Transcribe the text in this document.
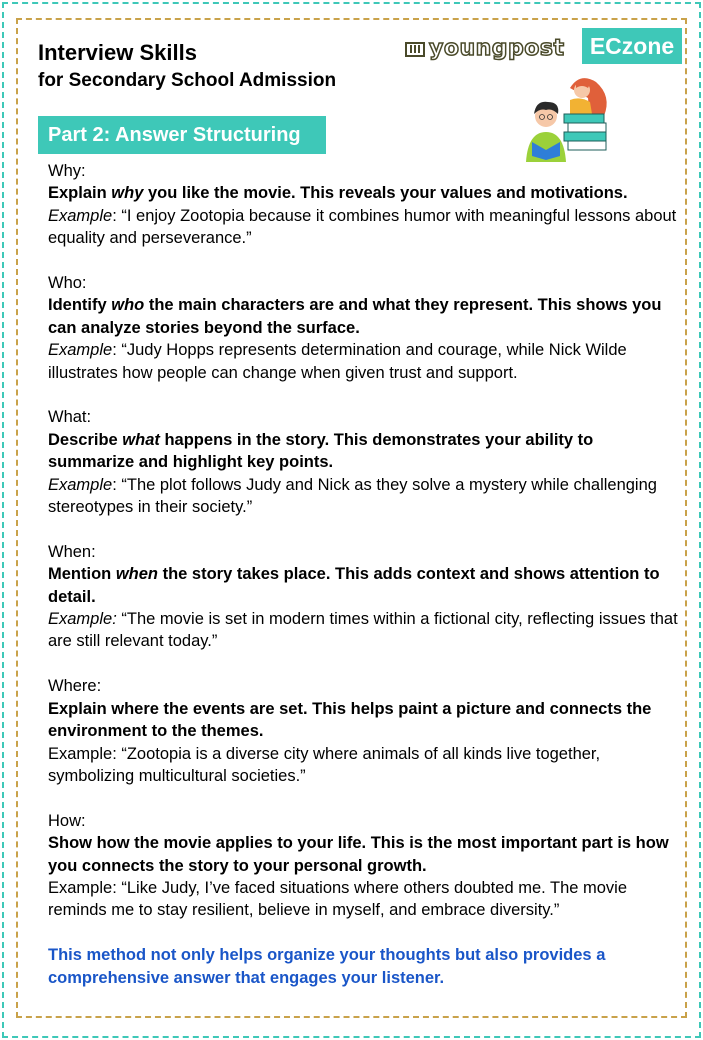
Interview Skills
for Secondary School Admission
youngpost	ECzone
Part 2: Answer Structuring

Why:

Explain why you like the movie. This reveals your values and motivations.

Example: “I enjoy Zootopia because it combines humor with meaningful lessons about equality and perseverance.”

Who:

Identify who the main characters are and what they represent. This shows you can analyze stories beyond the surface.

Example: “Judy Hopps represents determination and courage, while Nick Wilde illustrates how people can change when given trust and support.

What:

Describe what happens in the story. This demonstrates your ability to summarize and highlight key points.

Example: “The plot follows Judy and Nick as they solve a mystery while challenging stereotypes in their society.”

When:

Mention when the story takes place. This adds context and shows attention to detail.

Example: “The movie is set in modern times within a fictional city, reflecting issues that are still relevant today.”

Where:

Explain where the events are set. This helps paint a picture and connects the environment to the themes.

Example: “Zootopia is a diverse city where animals of all kinds live together, symbolizing multicultural societies.”

How:

Show how the movie applies to your life. This is the most important part is how you connects the story to your personal growth.

Example: “Like Judy, I’ve faced situations where others doubted me. The movie reminds me to stay resilient, believe in myself, and embrace diversity.”

This method not only helps organize your thoughts but also provides a comprehensive answer that engages your listener.
